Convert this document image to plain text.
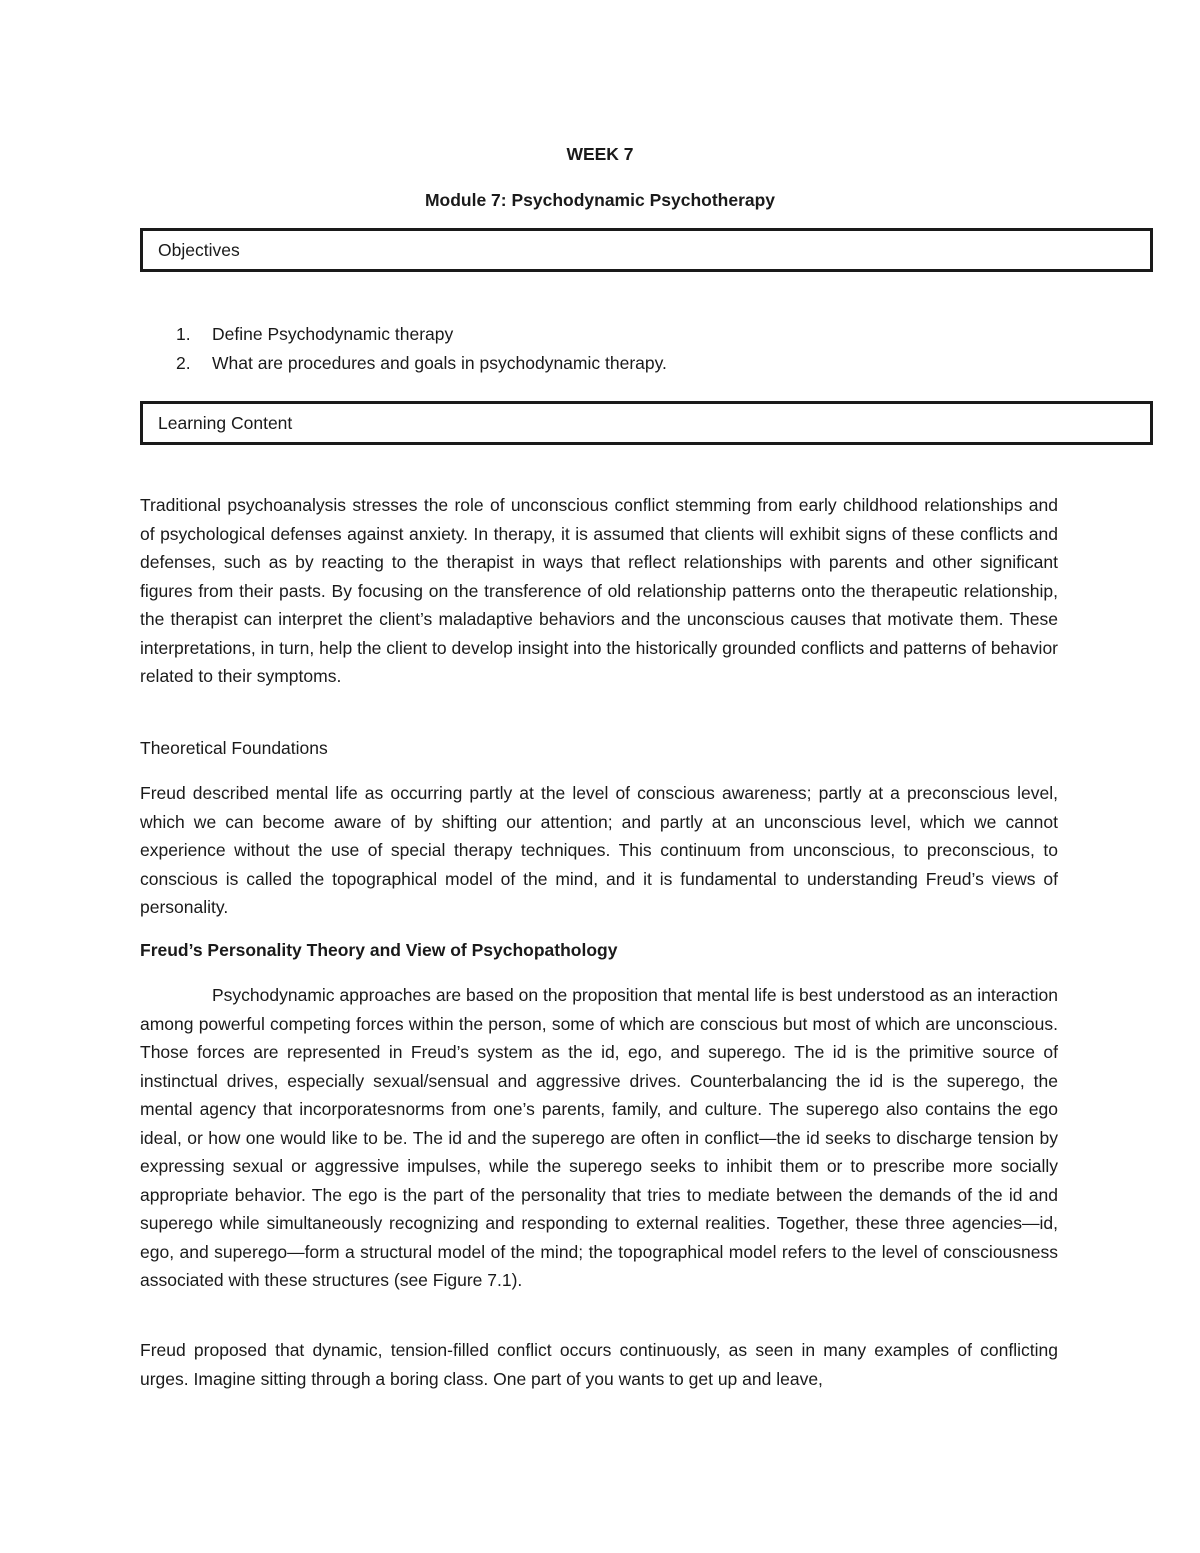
WEEK 7
Module 7: Psychodynamic Psychotherapy
Objectives
1. Define Psychodynamic therapy
2. What are procedures and goals in psychodynamic therapy.
Learning Content

Traditional psychoanalysis stresses the role of unconscious conflict stemming from early childhood relationships and of psychological defenses against anxiety. In therapy, it is assumed that clients will exhibit signs of these conflicts and defenses, such as by reacting to the therapist in ways that reflect relationships with parents and other significant figures from their pasts. By focusing on the transference of old relationship patterns onto the therapeutic relationship, the therapist can interpret the client’s maladaptive behaviors and the unconscious causes that motivate them. These interpretations, in turn, help the client to develop insight into the historically grounded conflicts and patterns of behavior related to their symptoms.

Theoretical Foundations

Freud described mental life as occurring partly at the level of conscious awareness; partly at a preconscious level, which we can become aware of by shifting our attention; and partly at an unconscious level, which we cannot experience without the use of special therapy techniques. This continuum from unconscious, to preconscious, to conscious is called the topographical model of the mind, and it is fundamental to understanding Freud’s views of personality.

Freud’s Personality Theory and View of Psychopathology

Psychodynamic approaches are based on the proposition that mental life is best understood as an interaction among powerful competing forces within the person, some of which are conscious but most of which are unconscious. Those forces are represented in Freud’s system as the id, ego, and superego. The id is the primitive source of instinctual drives, especially sexual/sensual and aggressive drives. Counterbalancing the id is the superego, the mental agency that incorporatesnorms from one’s parents, family, and culture. The superego also contains the ego ideal, or how one would like to be. The id and the superego are often in conflict—the id seeks to discharge tension by expressing sexual or aggressive impulses, while the superego seeks to inhibit them or to prescribe more socially appropriate behavior. The ego is the part of the personality that tries to mediate between the demands of the id and superego while simultaneously recognizing and responding to external realities. Together, these three agencies—id, ego, and superego—form a structural model of the mind; the topographical model refers to the level of consciousness associated with these structures (see Figure 7.1).

Freud proposed that dynamic, tension-filled conflict occurs continuously, as seen in many examples of conflicting urges. Imagine sitting through a boring class. One part of you wants to get up and leave,
